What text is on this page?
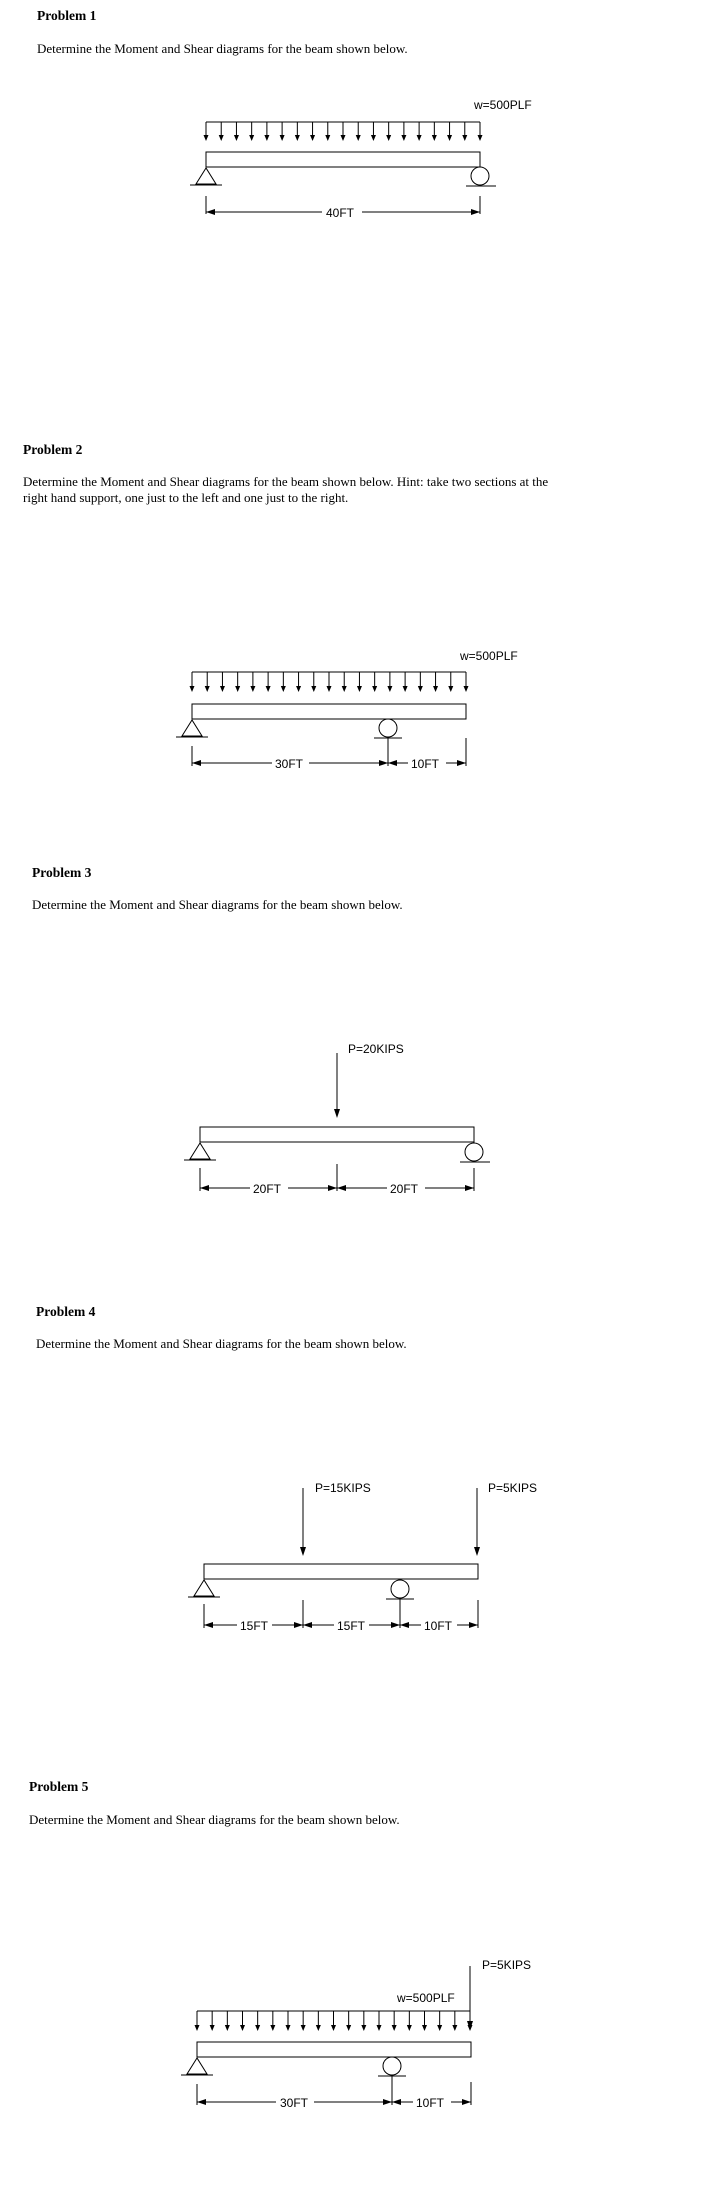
Problem 1
Determine the Moment and Shear diagrams for the beam shown below.
w=500PLF
40FT
Problem 2
Determine the Moment and Shear diagrams for the beam shown below. Hint: take two sections at the
right hand support, one just to the left and one just to the right.
w=500PLF
30FT	10FT
Problem 3
Determine the Moment and Shear diagrams for the beam shown below.
P=20KIPS
20FT	20FT
Problem 4
Determine the Moment and Shear diagrams for the beam shown below.
P=15KIPS	P=5KIPS
15FT	15FT	10FT
Problem 5
Determine the Moment and Shear diagrams for the beam shown below.
P=5KIPS
w=500PLF
30FT	10FT
